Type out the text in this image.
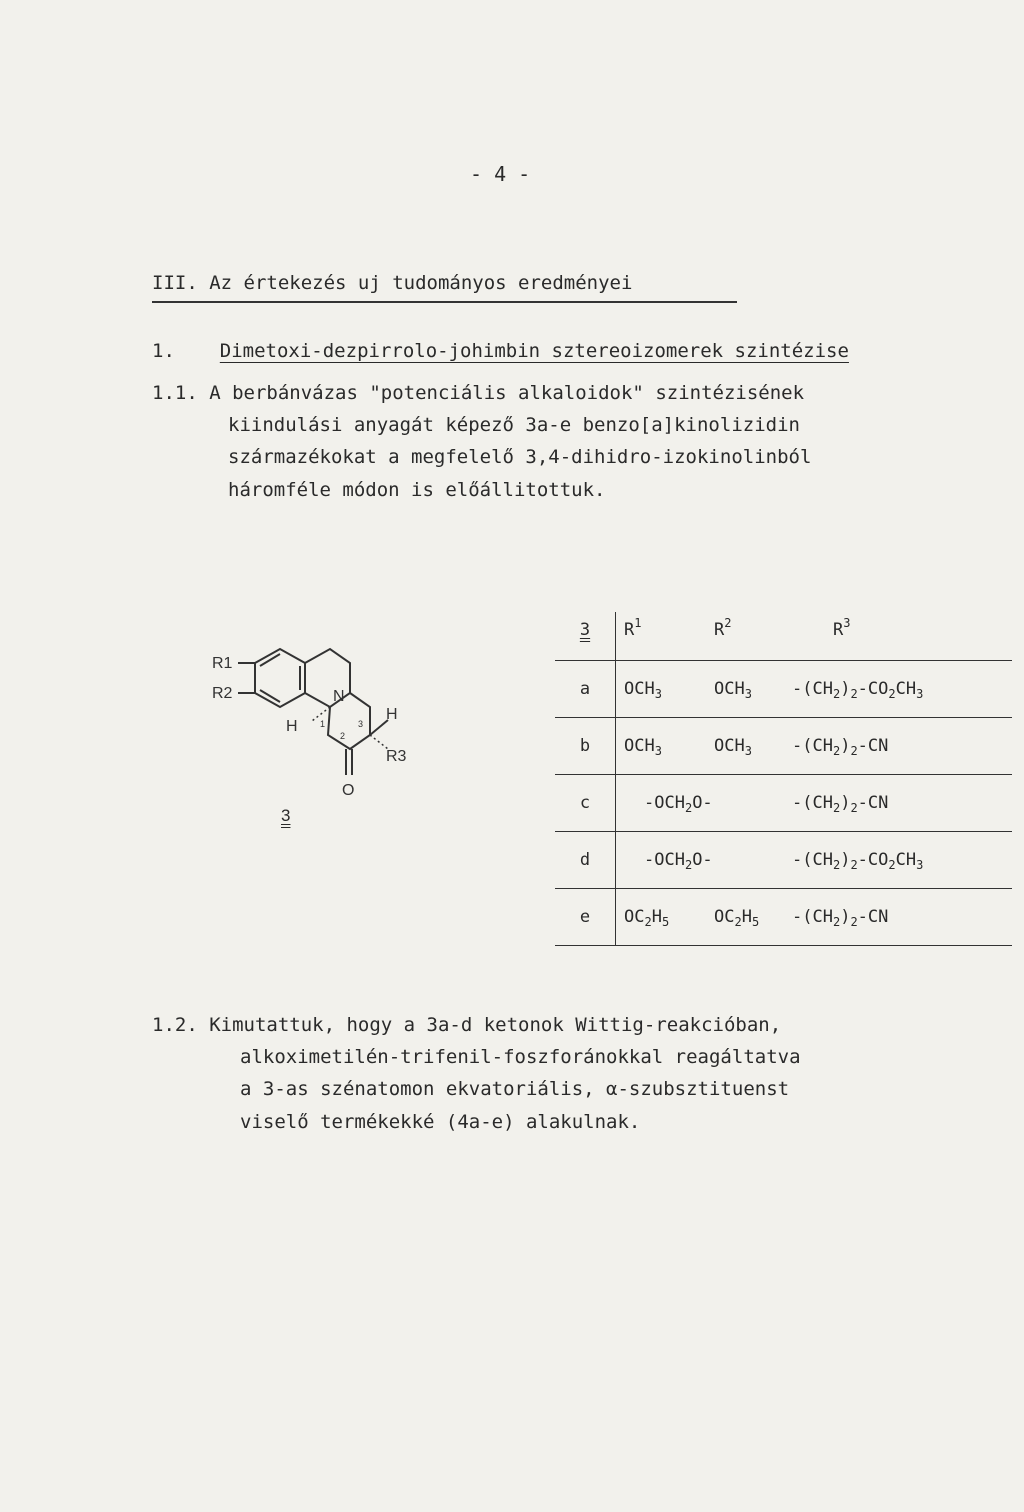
- 4 -
III. Az értekezés uj tudományos eredményei
1. Dimetoxi-dezpirrolo-johimbin sztereoizomerek szintézise
1.1. A berbánvázas "potenciális alkaloidok" szintézisének
kiindulási anyagát képező 3a-e benzo[a]kinolizidin
származékokat a megfelelő 3,4-dihidro-izokinolinból
háromféle módon is előállitottuk.
R1
R2	N
H
H
R3
O
1
2
3
3
3	$R^1$	$R^2$	$R^3$
a	$OCH_3$	$OCH_3$	$-(CH_2)_2-CO_2CH_3$
b	$OCH_3$	$OCH_3$	$-(CH_2)_2-CN$
c	$-OCH_2O-$		$-(CH_2)_2-CN$
d	$-OCH_2O-$		$-(CH_2)_2-CO_2CH_3$
e	$OC_2H_5$	$OC_2H_5$	$-(CH_2)_2-CN$
1.2. Kimutattuk, hogy a 3a-d ketonok Wittig-reakcióban,
alkoximetilén-trifenil-foszforánokkal reagáltatva
a 3-as szénatomon ekvatoriális, α-szubsztituenst
viselő termékekké (4a-e) alakulnak.
